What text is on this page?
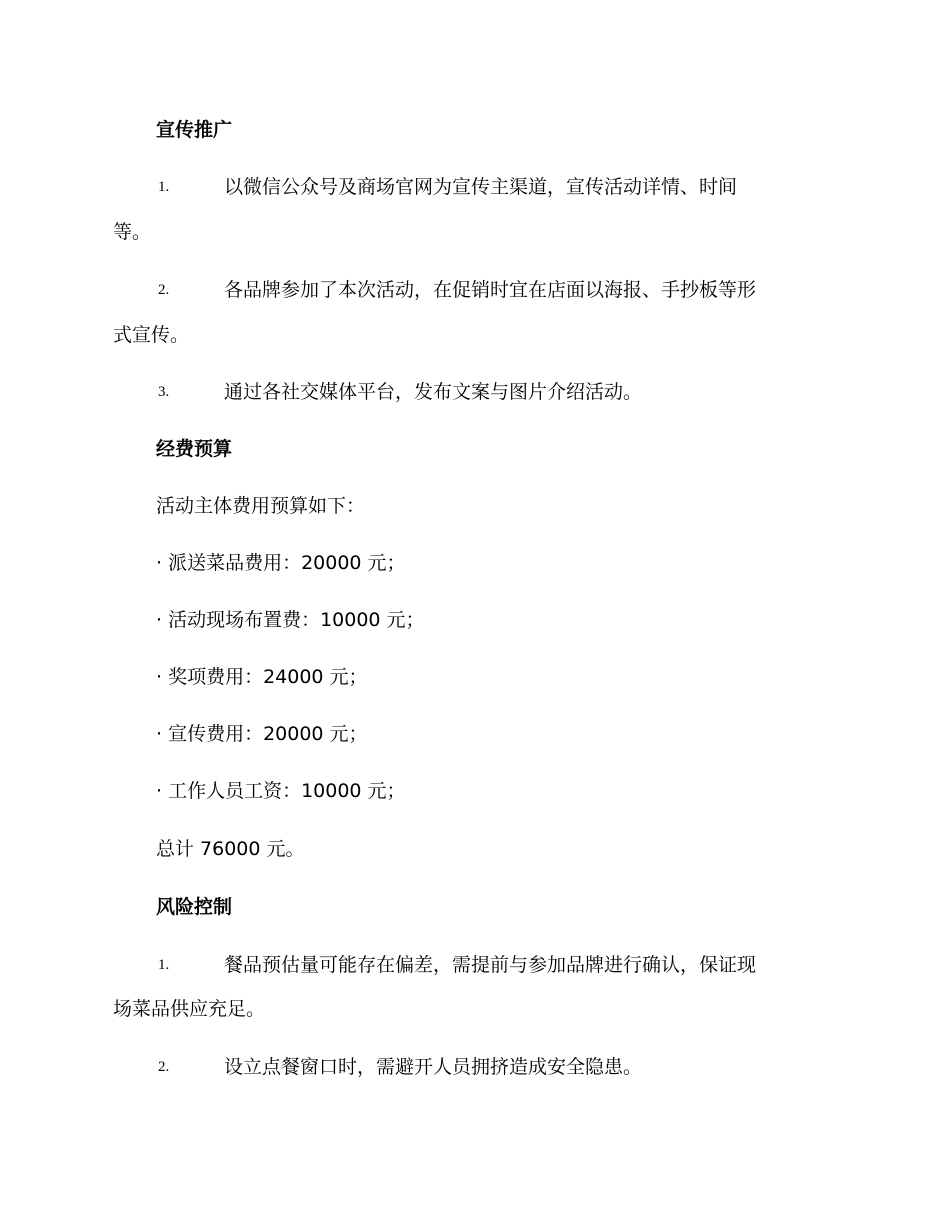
宣传推广
1.	以微信公众号及商场官网为宣传主渠道，宣传活动详情、时间
等。
2.	各品牌参加了本次活动，在促销时宜在店面以海报、手抄板等形
式宣传。
3.	通过各社交媒体平台，发布文案与图片介绍活动。
经费预算
活动主体费用预算如下：
· 派送菜品费用：20000 元；
· 活动现场布置费：10000 元；
· 奖项费用：24000 元；
· 宣传费用：20000 元；
· 工作人员工资：10000 元；
总计 76000 元。
风险控制
1.	餐品预估量可能存在偏差，需提前与参加品牌进行确认，保证现
场菜品供应充足。
2.	设立点餐窗口时，需避开人员拥挤造成安全隐患。
